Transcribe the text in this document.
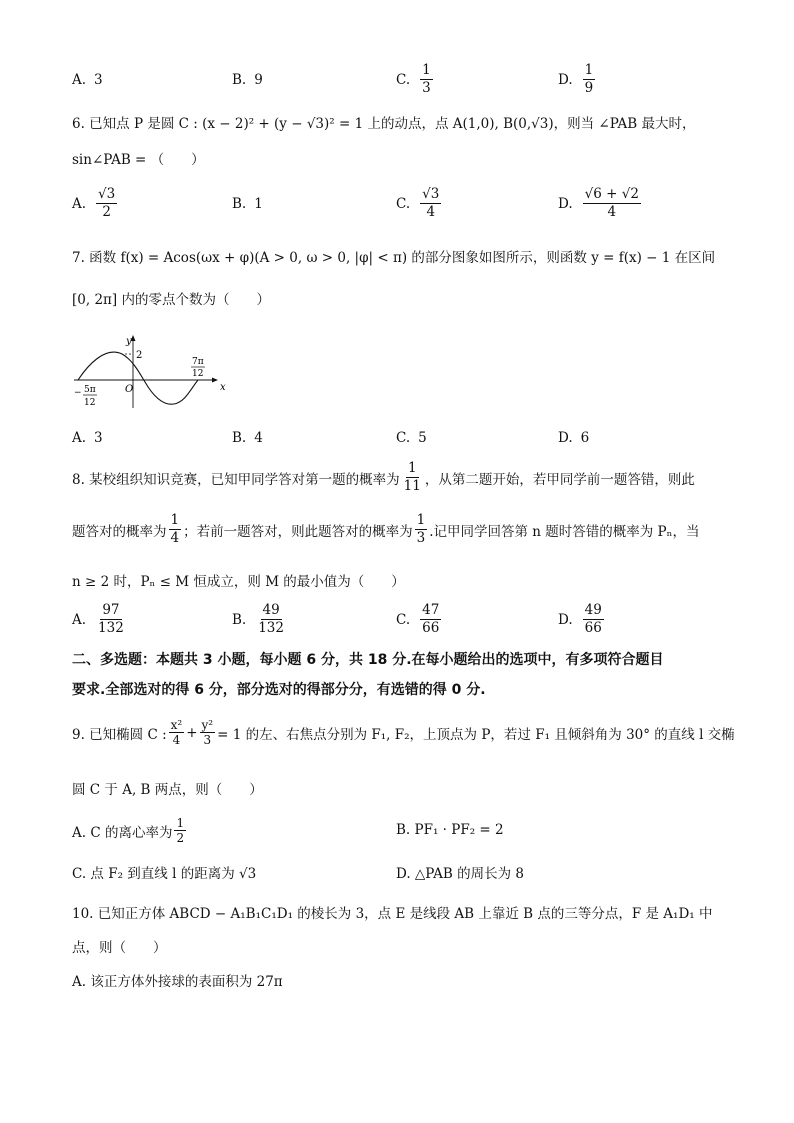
A. 3	B. 9	C. $\frac{1}{3}$	D. $\frac{1}{9}$
6. 已知点 P 是圆 C : (x − 2)² + (y − √3)² = 1 上的动点，点 A(1,0), B(0,√3)，则当 ∠PAB 最大时，
sin∠PAB = （　　）
A. $\frac{√3}{2}$	B. 1	C. $\frac{√3}{4}$	D. $\frac{√6 + √2}{4}$
7. 函数 f(x) = Acos(ωx + φ)(A > 0, ω > 0, |φ| < π) 的部分图象如图所示，则函数 y = f(x) − 1 在区间
[0, 2π] 内的零点个数为（　　）
y
x
O
2
− 5π
12
7π
12
A. 3	B. 4	C. 5	D. 6
8. 某校组织知识竞赛，已知甲同学答对第一题的概率为 $\frac{1}{11}$ ，从第二题开始，若甲同学前一题答错，则此
题答对的概率为 $\frac{1}{4}$ ；若前一题答对，则此题答对的概率为 $\frac{1}{3}$ .记甲同学回答第 n 题时答错的概率为 Pₙ，当
n ≥ 2 时，Pₙ ≤ M 恒成立，则 M 的最小值为（　　）
A. $\frac{97}{132}$	B. $\frac{49}{132}$	C. $\frac{47}{66}$	D. $\frac{49}{66}$
二、多选题：本题共 3 小题，每小题 6 分，共 18 分.在每小题给出的选项中，有多项符合题目
要求.全部选对的得 6 分，部分选对的得部分分，有选错的得 0 分.
9. 已知椭圆 C : $\frac{\text{x²}}{4} + \frac{\text{y²}}{3} = 1$ 的左、右焦点分别为 F₁, F₂，上顶点为 P，若过 F₁ 且倾斜角为 30° 的直线 l 交椭
圆 C 于 A, B 两点，则（　　）
A. C 的离心率为 $\frac{1}{2}$	B. PF₁ · PF₂ = 2
C. 点 F₂ 到直线 l 的距离为 √3	D. △PAB 的周长为 8
10. 已知正方体 ABCD − A₁B₁C₁D₁ 的棱长为 3，点 E 是线段 AB 上靠近 B 点的三等分点，F 是 A₁D₁ 中
点，则（　　）
A. 该正方体外接球的表面积为 27π
